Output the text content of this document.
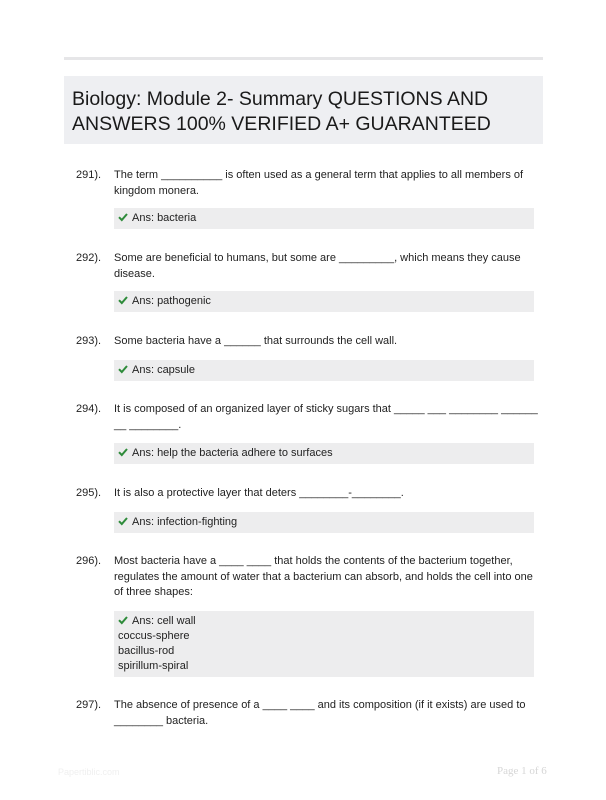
Biology: Module 2- Summary QUESTIONS AND ANSWERS 100% VERIFIED A+ GUARANTEED
291). The term __________ is often used as a general term that applies to all members of kingdom monera.
Ans: bacteria
292). Some are beneficial to humans, but some are _________, which means they cause disease.
Ans: pathogenic
293). Some bacteria have a ______ that surrounds the cell wall.
Ans: capsule
294). It is composed of an organized layer of sticky sugars that _____ ___ ________ ______ __ ________.
Ans: help the bacteria adhere to surfaces
295). It is also a protective layer that deters ________-________.
Ans: infection-fighting
296). Most bacteria have a ____ ____ that holds the contents of the bacterium together, regulates the amount of water that a bacterium can absorb, and holds the cell into one of three shapes:
Ans: cell wall
coccus-sphere
bacillus-rod
spirillum-spiral
297). The absence of presence of a ____ ____ and its composition (if it exists) are used to ________ bacteria.
Papertiblic.com	Page 1 of 6
